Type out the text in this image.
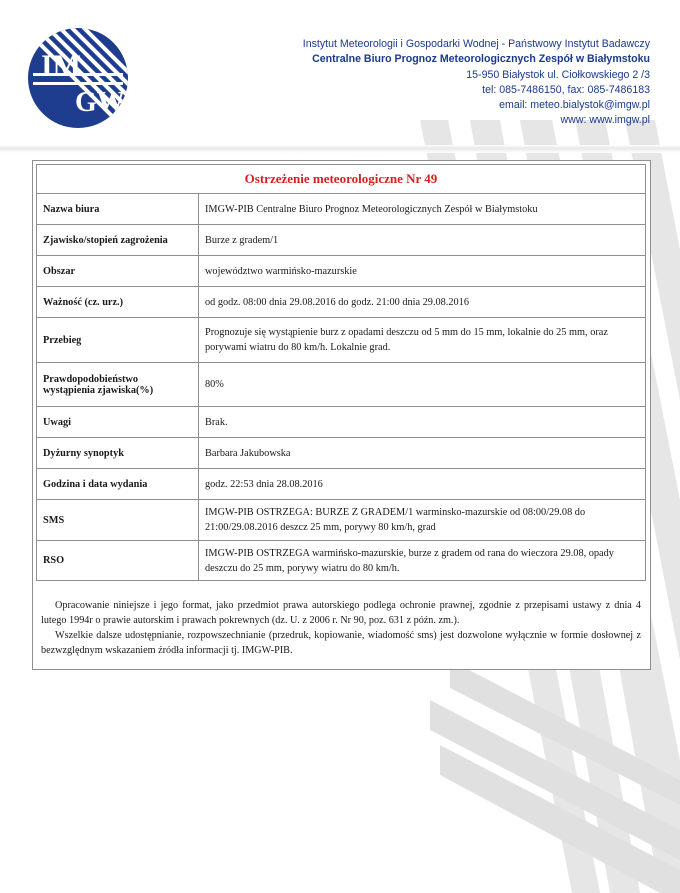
IM
GW
Instytut Meteorologii i Gospodarki Wodnej - Państwowy Instytut Badawczy
Centralne Biuro Prognoz Meteorologicznych Zespół w Białymstoku
15-950 Białystok ul. Ciołkowskiego 2 /3
tel: 085-7486150, fax: 085-7486183
email: meteo.bialystok@imgw.pl
www: www.imgw.pl
Ostrzeżenie meteorologiczne Nr 49	
Nazwa biura	IMGW-PIB Centralne Biuro Prognoz Meteorologicznych Zespół w Białymstoku
Zjawisko/stopień zagrożenia	Burze z gradem/1
Obszar	województwo warmińsko-mazurskie
Ważność (cz. urz.)	od godz. 08:00 dnia 29.08.2016 do godz. 21:00 dnia 29.08.2016
Przebieg	Prognozuje się wystąpienie burz z opadami deszczu od 5 mm do 15 mm, lokalnie do 25 mm, oraz porywami wiatru do 80 km/h. Lokalnie grad.
Prawdopodobieństwo wystąpienia zjawiska(%)	80%
Uwagi	Brak.
Dyżurny synoptyk	Barbara Jakubowska
Godzina i data wydania	godz. 22:53 dnia 28.08.2016
SMS	IMGW-PIB OSTRZEGA: BURZE Z GRADEM/1 warminsko-mazurskie od 08:00/29.08 do 21:00/29.08.2016 deszcz 25 mm, porywy 80 km/h, grad
RSO	IMGW-PIB OSTRZEGA warmińsko-mazurskie, burze z gradem od rana do wieczora 29.08, opady deszczu do 25 mm, porywy wiatru do 80 km/h.

Opracowanie niniejsze i jego format, jako przedmiot prawa autorskiego podlega ochronie prawnej, zgodnie z przepisami ustawy z dnia 4 lutego 1994r o prawie autorskim i prawach pokrewnych (dz. U. z 2006 r. Nr 90, poz. 631 z późn. zm.).

Wszelkie dalsze udostępnianie, rozpowszechnianie (przedruk, kopiowanie, wiadomość sms) jest dozwolone wyłącznie w formie dosłownej z bezwzględnym wskazaniem źródła informacji tj. IMGW-PIB.
